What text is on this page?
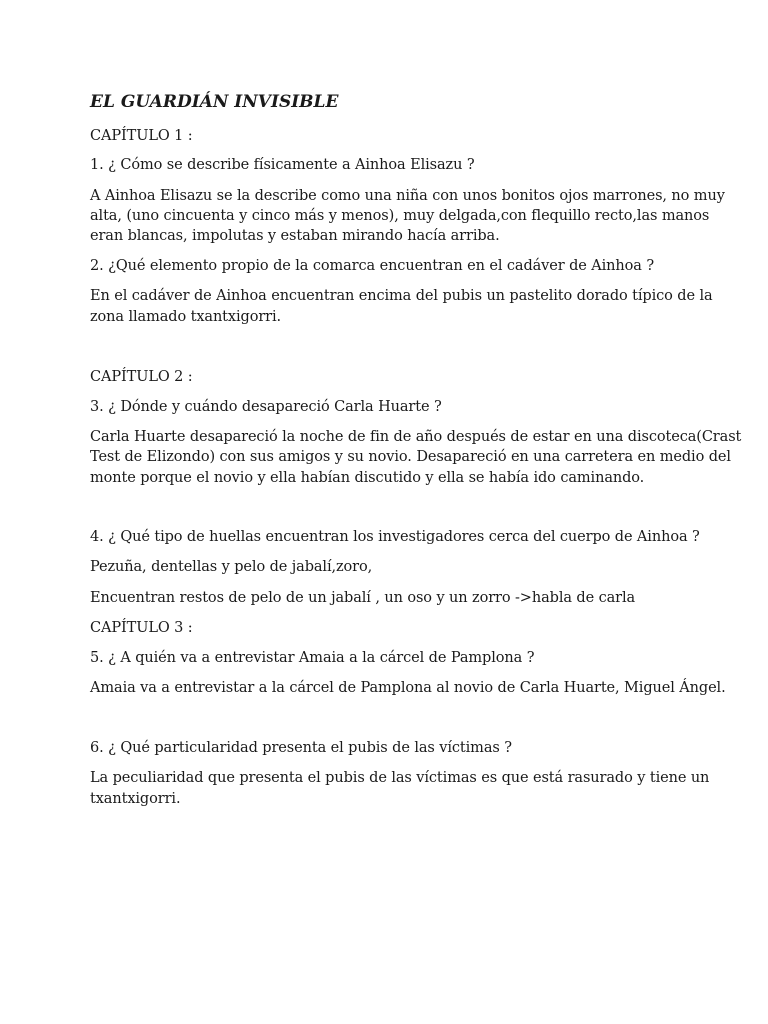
EL GUARDIÁN INVISIBLE
CAPÍTULO 1 :
1. ¿ Cómo se describe físicamente a Ainhoa Elisazu ?
A Ainhoa Elisazu se la describe como una niña con unos bonitos ojos marrones, no muy
alta, (uno cincuenta y cinco más y menos), muy delgada,con flequillo recto,las manos
eran blancas, impolutas y estaban mirando hacía arriba.
2. ¿Qué elemento propio de la comarca encuentran en el cadáver de Ainhoa ?
En el cadáver de Ainhoa encuentran encima del pubis un pastelito dorado típico de la
zona llamado txantxigorri.
CAPÍTULO 2 :
3. ¿ Dónde y cuándo desapareció Carla Huarte ?
Carla Huarte desapareció la noche de fin de año después de estar en una discoteca(Crast
Test de Elizondo) con sus amigos y su novio. Desapareció en una carretera en medio del
monte porque el novio y ella habían discutido y ella se había ido caminando.
4. ¿ Qué tipo de huellas encuentran los investigadores cerca del cuerpo de Ainhoa ?
Pezuña, dentellas y pelo de jabalí,zoro,
Encuentran restos de pelo de un jabalí , un oso y un zorro ->habla de carla
CAPÍTULO 3 :
5. ¿ A quién va a entrevistar Amaia a la cárcel de Pamplona ?
Amaia va a entrevistar a la cárcel de Pamplona al novio de Carla Huarte, Miguel Ángel.
6. ¿ Qué particularidad presenta el pubis de las víctimas ?
La peculiaridad que presenta el pubis de las víctimas es que está rasurado y tiene un
txantxigorri.
